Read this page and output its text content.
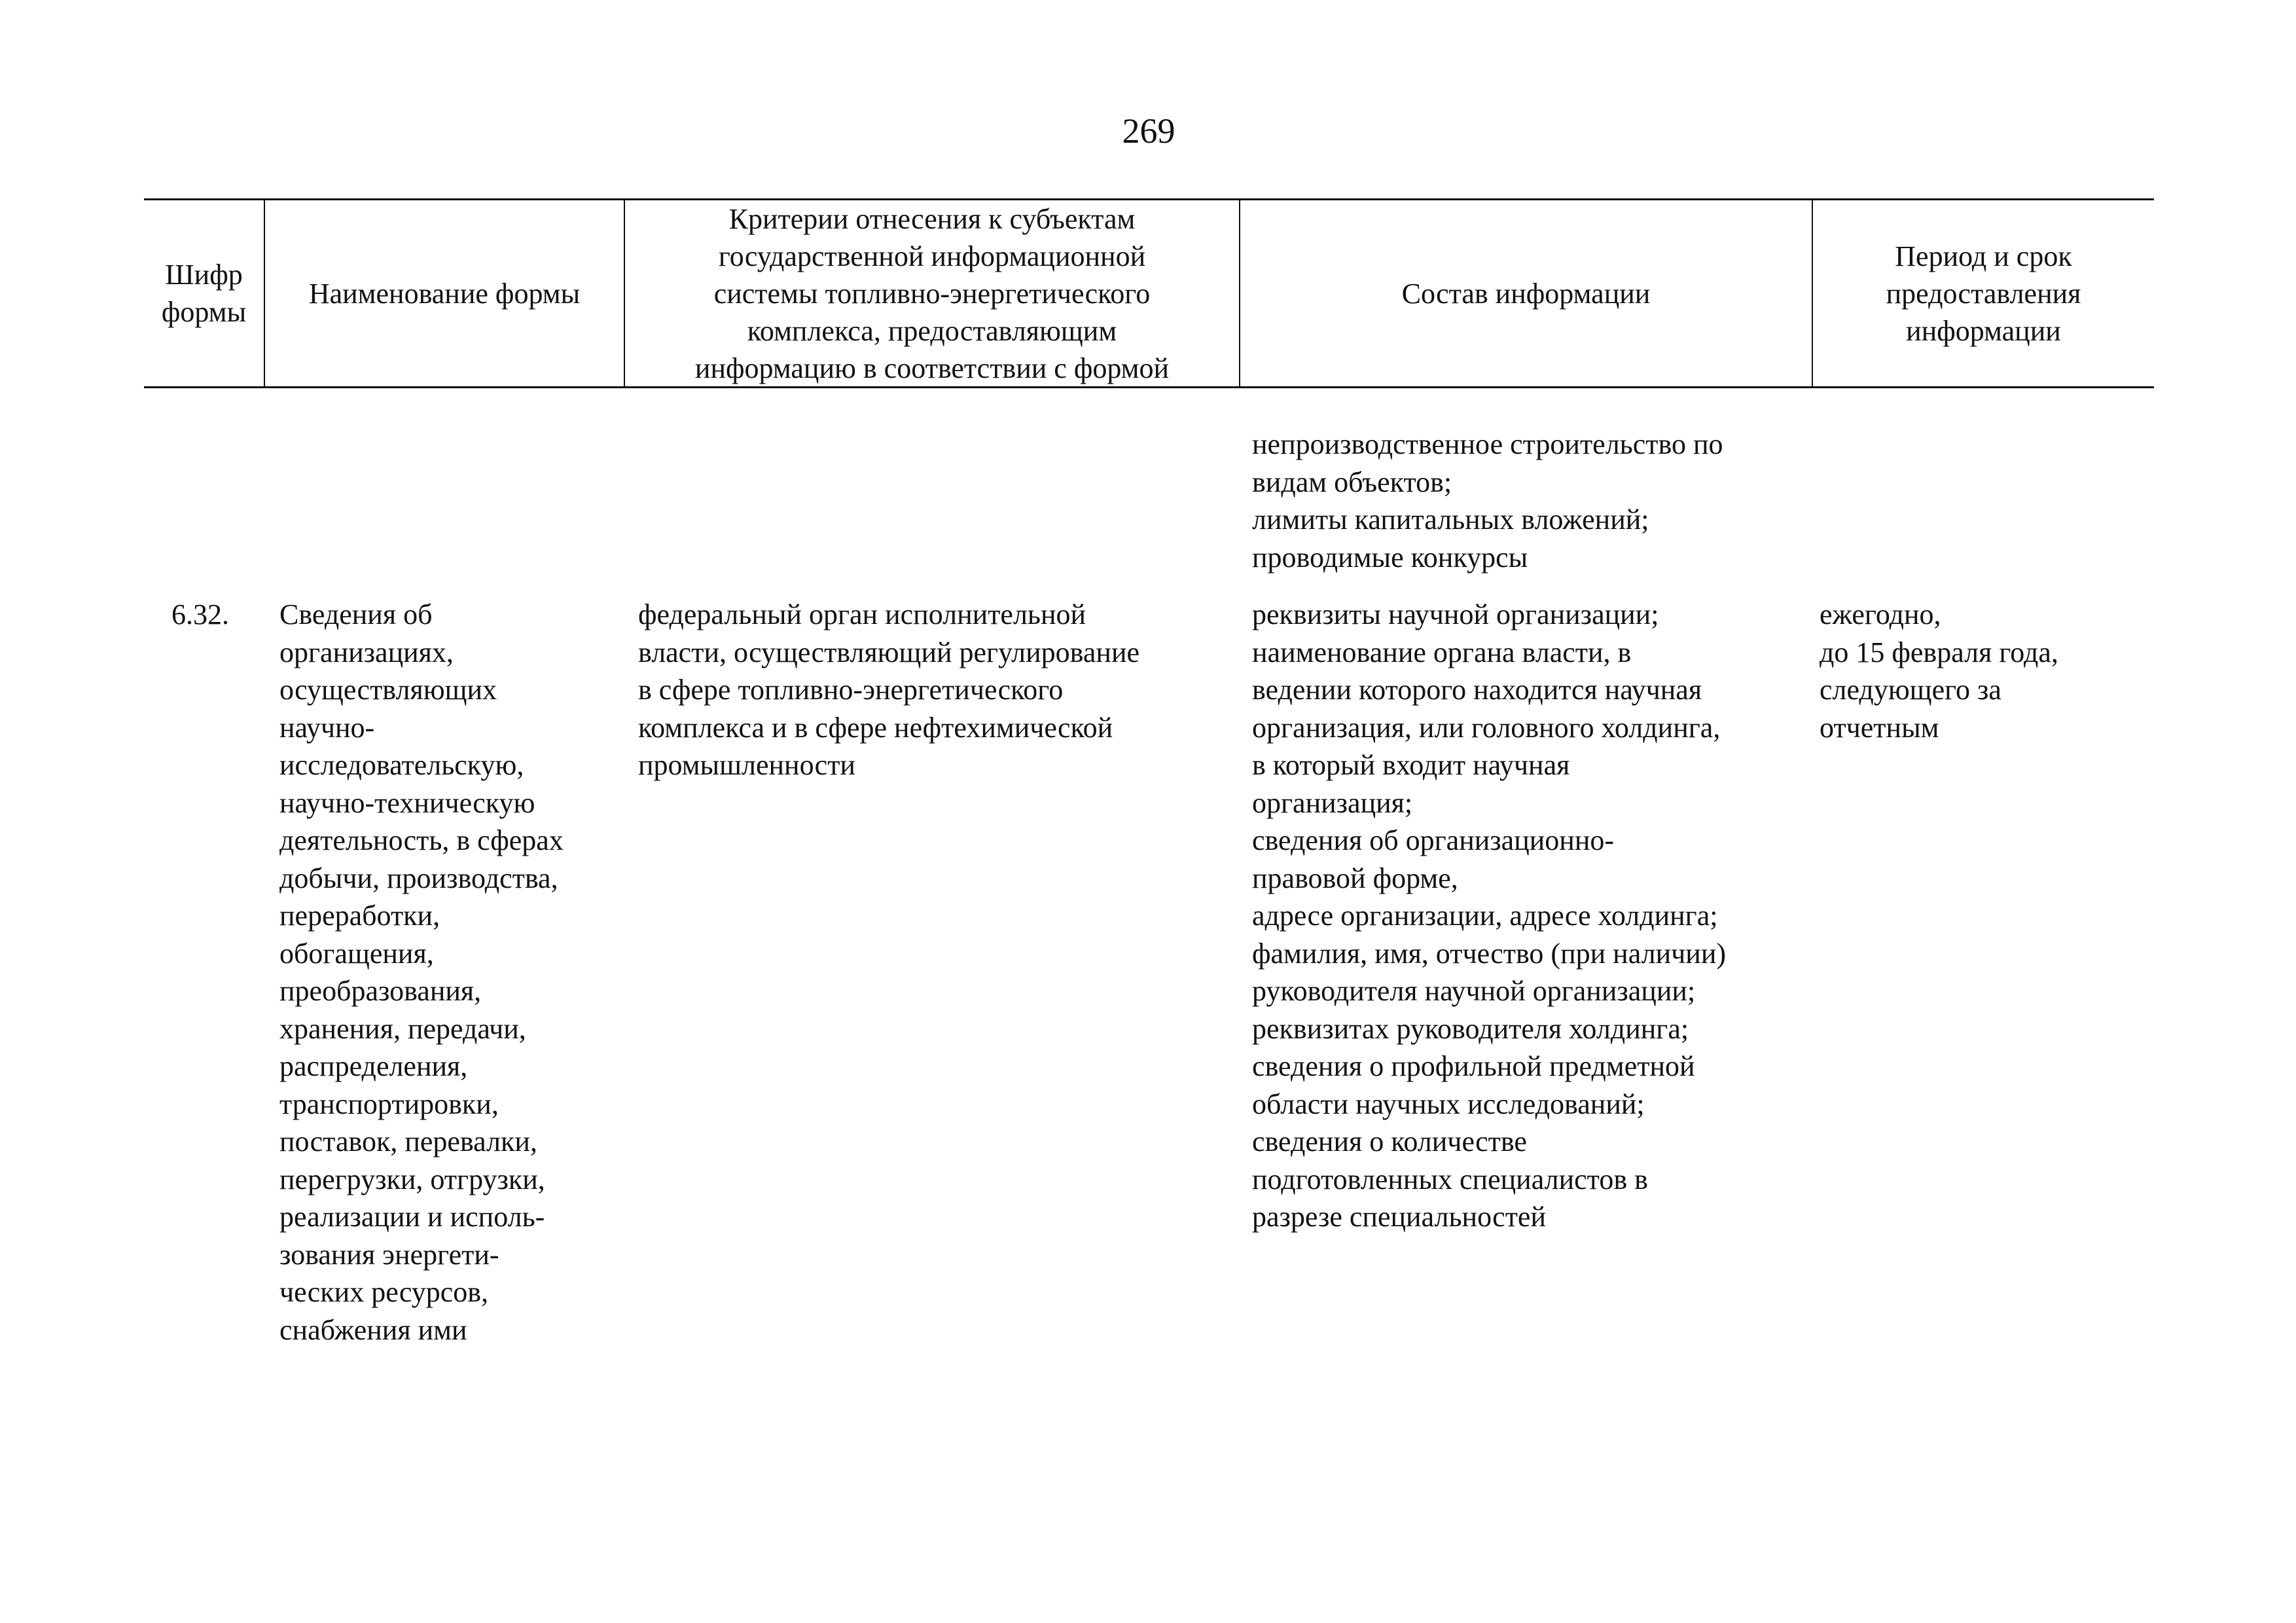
269
Шифр
формы
Наименование формы
Критерии отнесения к субъектам
государственной информационной
системы топливно-энергетического
комплекса, предоставляющим
информацию в соответствии с формой
Состав информации
Период и срок
предоставления
информации
непроизводственное строительство по
видам объектов;
лимиты капитальных вложений;
проводимые конкурсы
6.32.	Сведения об
организациях,
осуществляющих
научно-
исследовательскую,
научно-техническую
деятельность, в сферах
добычи, производства,
переработки,
обогащения,
преобразования,
хранения, передачи,
распределения,
транспортировки,
поставок, перевалки,
перегрузки, отгрузки,
реализации и исполь-
зования энергети-
ческих ресурсов,
снабжения ими
федеральный орган исполнительной
власти, осуществляющий регулирование
в сфере топливно-энергетического
комплекса и в сфере нефтехимической
промышленности
реквизиты научной организации;
наименование органа власти, в
ведении которого находится научная
организация, или головного холдинга,
в который входит научная
организация;
сведения об организационно-
правовой форме,
адресе организации, адресе холдинга;
фамилия, имя, отчество (при наличии)
руководителя научной организации;
реквизитах руководителя холдинга;
сведения о профильной предметной
области научных исследований;
сведения о количестве
подготовленных специалистов в
разрезе специальностей
ежегодно,
до 15 февраля года,
следующего за
отчетным
